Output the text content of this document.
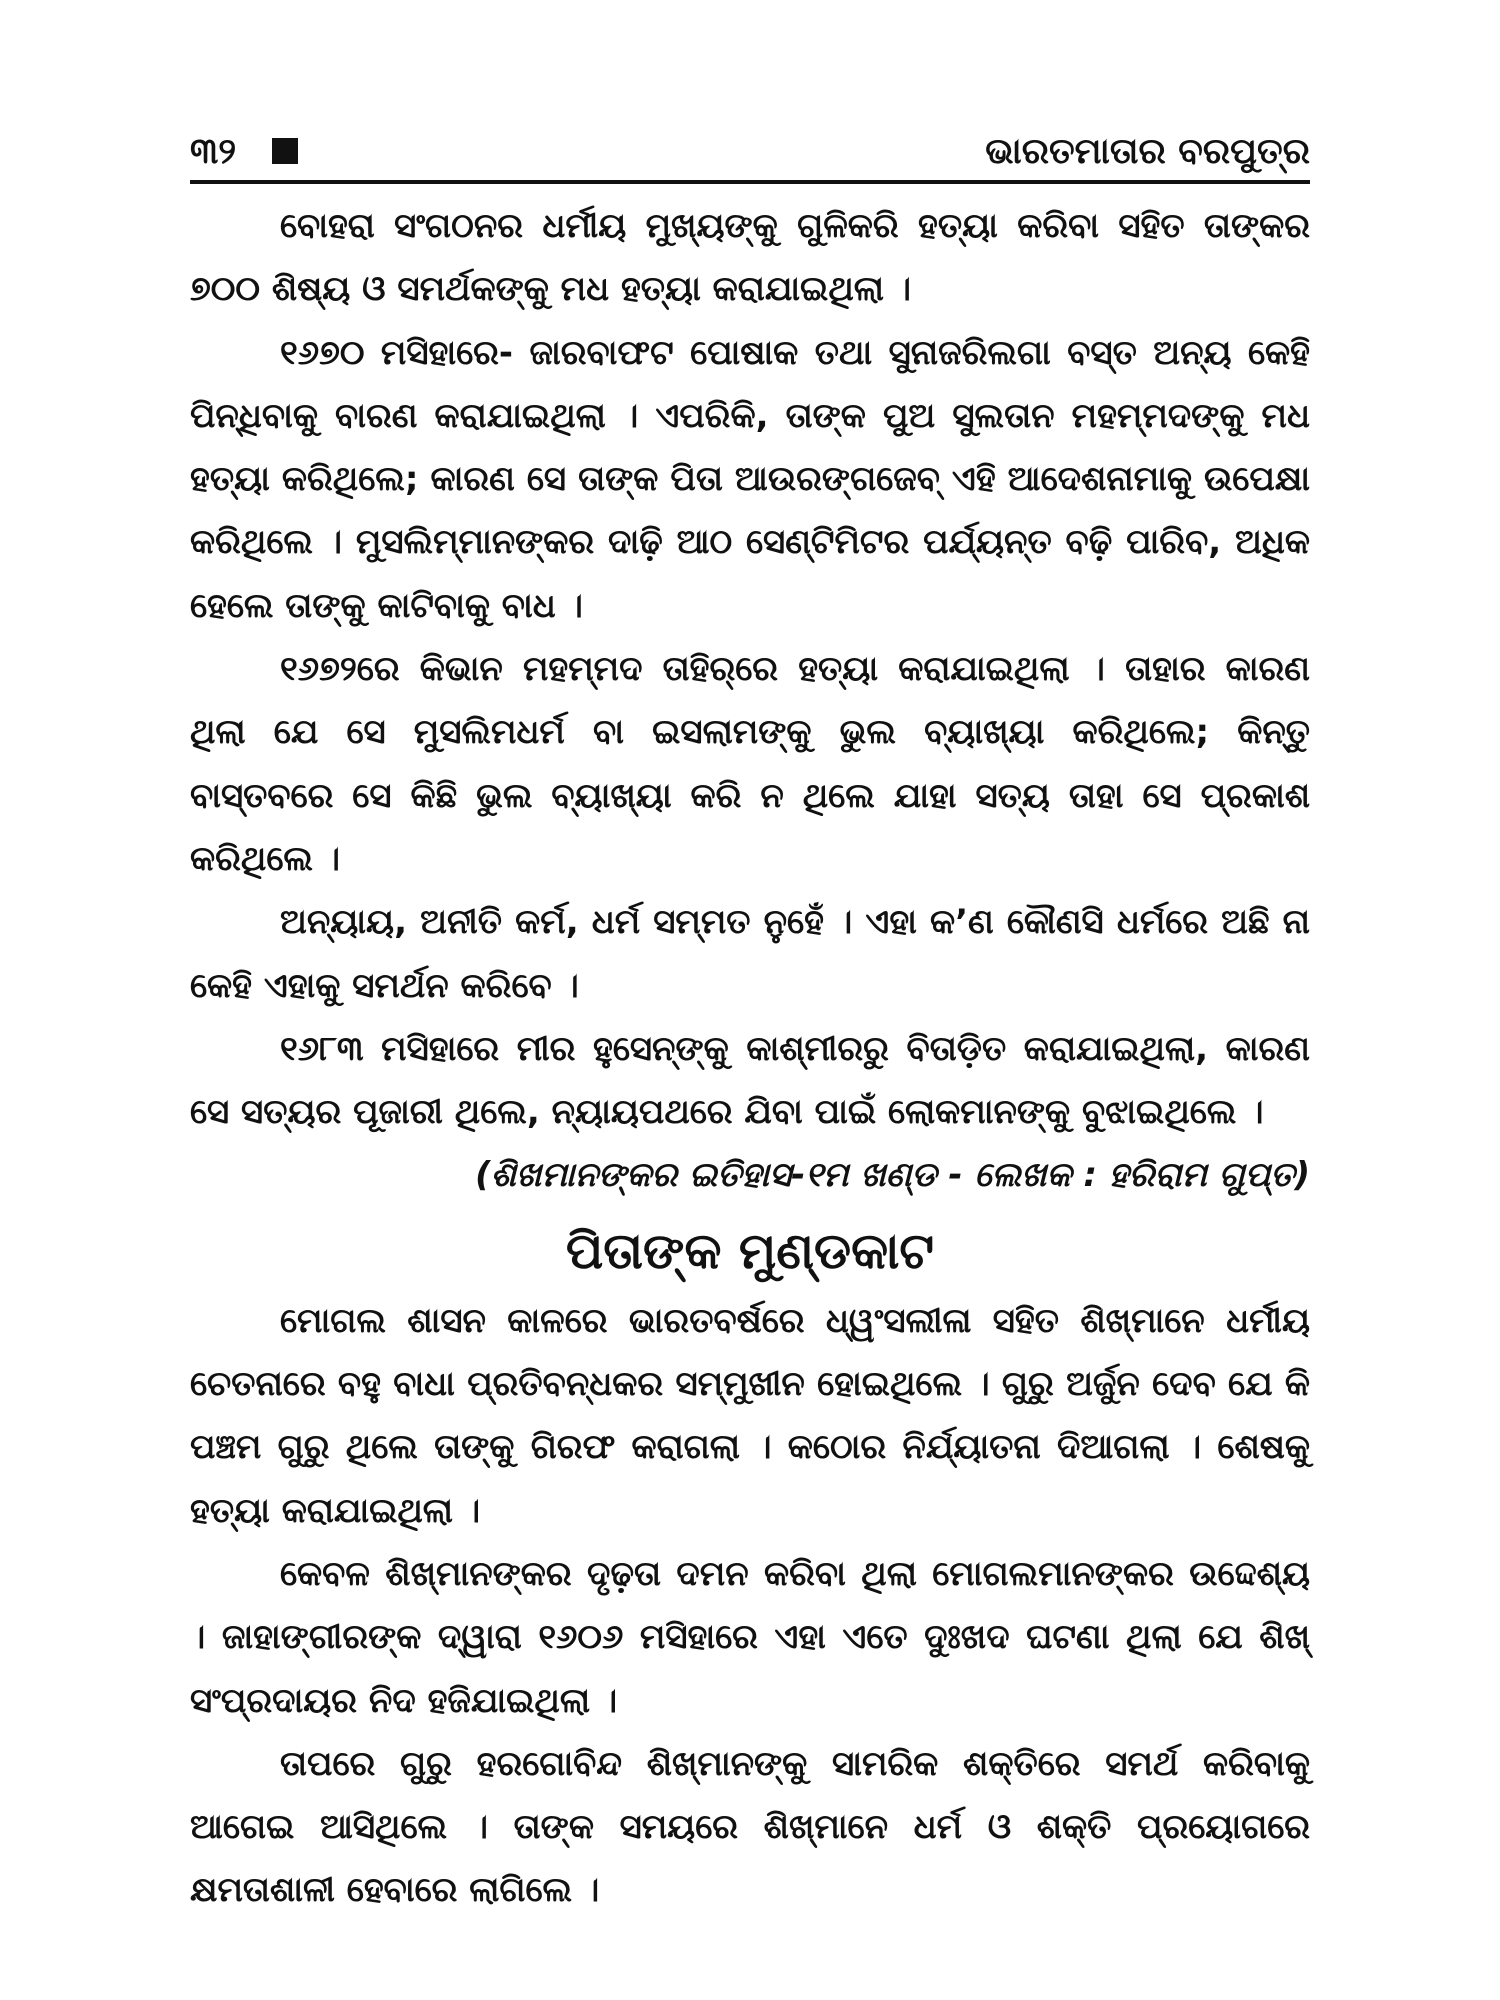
୩୨	ଭାରତମାତାର ବରପୁତ୍ର

ବୋହରା ସଂଗଠନର ଧର୍ମୀୟ ମୁଖ୍ୟଙ୍କୁ ଗୁଳିକରି ହତ୍ୟା କରିବା ସହିତ ତାଙ୍କର ୭୦୦ ଶିଷ୍ୟ ଓ ସମର୍ଥକଙ୍କୁ ମଧ ହତ୍ୟା କରାଯାଇଥିଲା ।

୧୬୭୦ ମସିହାରେ- ଜାରବାଫଟ ପୋଷାକ ତଥା ସୁନାଜରିଲଗା ବସ୍ତ ଅନ୍ୟ କେହି ପିନ୍ଧିବାକୁ ବାରଣ କରାଯାଇଥିଲା । ଏପରିକି, ତାଙ୍କ ପୁଅ ସୁଲତାନ ମହମ୍ମଦଙ୍କୁ ମଧ ହତ୍ୟା କରିଥିଲେ; କାରଣ ସେ ତାଙ୍କ ପିତା ଆଉରଙ୍ଗଜେବ୍ ଏହି ଆଦେଶନାମାକୁ ଉପେକ୍ଷା କରିଥିଲେ । ମୁସଲିମ୍‌ମାନଙ୍କର ଦାଢ଼ି ଆଠ ସେଣ୍ଟିମିଟର ପର୍ଯ୍ୟନ୍ତ ବଢ଼ି ପାରିବ, ଅଧିକ ହେଲେ ତାଙ୍କୁ କାଟିବାକୁ ବାଧ ।

୧୬୭୨ରେ କିଭାନ ମହମ୍ମଦ ତାହିର୍‌ରେ ହତ୍ୟା କରାଯାଇଥିଲା । ତାହାର କାରଣ ଥିଲା ଯେ ସେ ମୁସଲିମଧର୍ମ ବା ଇସଲାମଙ୍କୁ ଭୁଲ ବ୍ୟାଖ୍ୟା କରିଥିଲେ; କିନ୍ତୁ ବାସ୍ତବରେ ସେ କିଛି ଭୁଲ ବ୍ୟାଖ୍ୟା କରି ନ ଥିଲେ ଯାହା ସତ୍ୟ ତାହା ସେ ପ୍ରକାଶ କରିଥିଲେ ।

ଅନ୍ୟାୟ, ଅନୀତି କର୍ମ, ଧର୍ମ ସମ୍ମତ ନୁହେଁ । ଏହା କ’ଣ କୌଣସି ଧର୍ମରେ ଅଛି ନା କେହି ଏହାକୁ ସମର୍ଥନ କରିବେ ।

୧୬୮୩ ମସିହାରେ ମୀର ହୁସେନ୍‌ଙ୍କୁ କାଶ୍ମୀରରୁ ବିତାଡ଼ିତ କରାଯାଇଥିଲା, କାରଣ ସେ ସତ୍ୟର ପୂଜାରୀ ଥିଲେ, ନ୍ୟାୟପଥରେ ଯିବା ପାଇଁ ଲୋକମାନଙ୍କୁ ବୁଝାଇଥିଲେ ।

(ଶିଖମାନଙ୍କର ଇତିହାସ-୧ମ ଖଣ୍ଡ - ଲେଖକ : ହରିରାମ ଗୁପ୍ତ)

ପିତାଙ୍କ ମୁଣ୍ଡକାଟ

ମୋଗଲ ଶାସନ କାଳରେ ଭାରତବର୍ଷରେ ଧ୍ୱଂସଲୀଳା ସହିତ ଶିଖ୍‌ମାନେ ଧର୍ମୀୟ ଚେତନାରେ ବହୁ ବାଧା ପ୍ରତିବନ୍ଧକର ସମ୍ମୁଖୀନ ହୋଇଥିଲେ । ଗୁରୁ ଅର୍ଜୁନ ଦେବ ଯେ କି ପଞ୍ଚମ ଗୁରୁ ଥିଲେ ତାଙ୍କୁ ଗିରଫ କରାଗଲା । କଠୋର ନିର୍ଯ୍ୟାତନା ଦିଆଗଲା । ଶେଷକୁ ହତ୍ୟା କରାଯାଇଥିଲା ।

କେବଳ ଶିଖ୍‌ମାନଙ୍କର ଦୃଢ଼ତା ଦମନ କରିବା ଥିଲା ମୋଗଲମାନଙ୍କର ଉଦ୍ଦେଶ୍ୟ । ଜାହାଙ୍ଗୀରଙ୍କ ଦ୍ୱାରା ୧୬୦୬ ମସିହାରେ ଏହା ଏତେ ଦୁଃଖଦ ଘଟଣା ଥିଲା ଯେ ଶିଖ୍ ସଂପ୍ରଦାୟର ନିଦ ହଜିଯାଇଥିଲା ।

ତାପରେ ଗୁରୁ ହରଗୋବିନ୍ଦ ଶିଖ୍‌ମାନଙ୍କୁ ସାମରିକ ଶକ୍ତିରେ ସମର୍ଥ କରିବାକୁ ଆଗେଇ ଆସିଥିଲେ । ତାଙ୍କ ସମୟରେ ଶିଖ୍‌ମାନେ ଧର୍ମ ଓ ଶକ୍ତି ପ୍ରୟୋଗରେ କ୍ଷମତାଶାଳୀ ହେବାରେ ଲାଗିଲେ ।
